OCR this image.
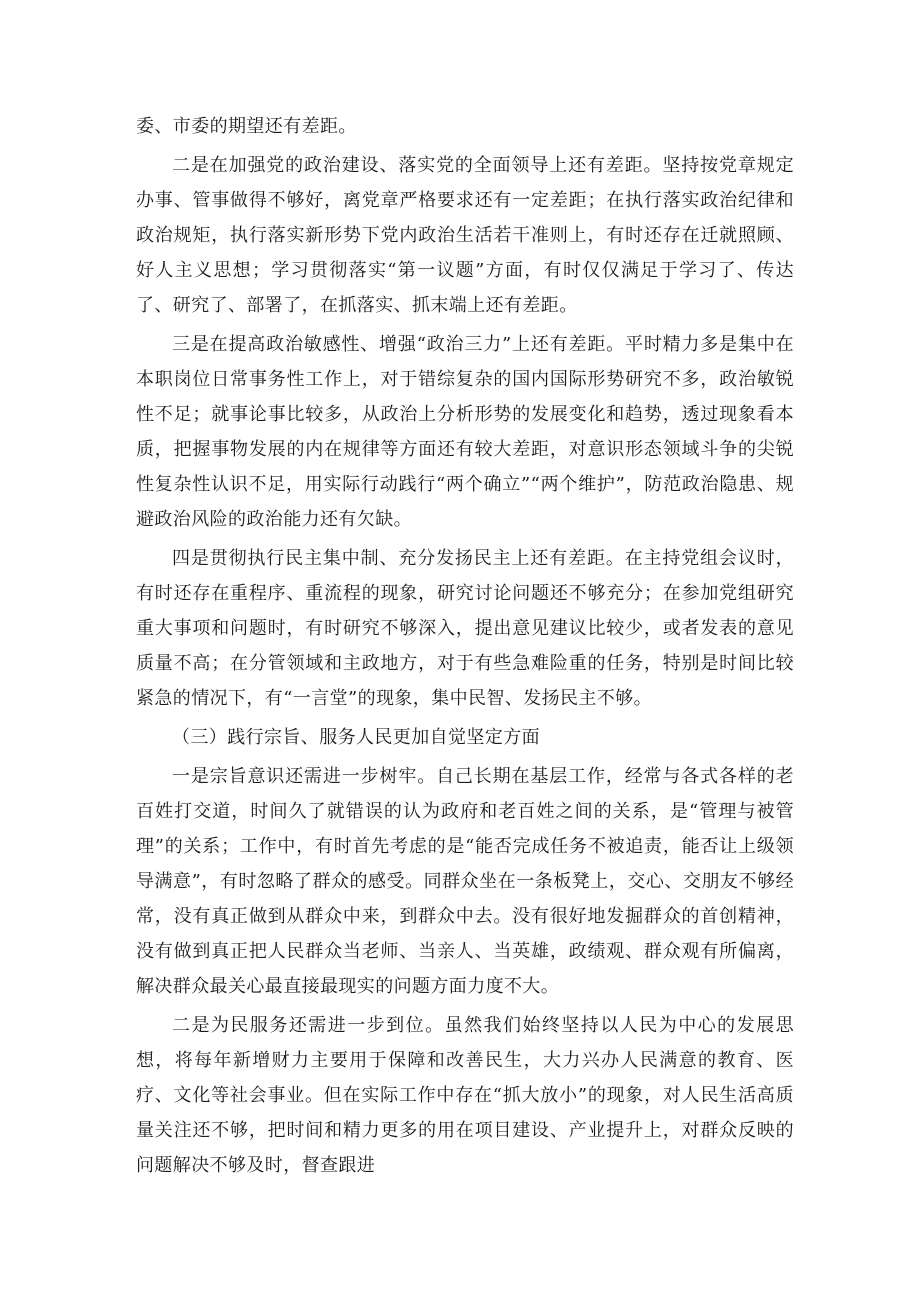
委、市委的期望还有差距。

二是在加强党的政治建设、落实党的全面领导上还有差距。坚持按党章规定办事、管事做得不够好，离党章严格要求还有一定差距；在执行落实政治纪律和政治规矩，执行落实新形势下党内政治生活若干准则上，有时还存在迁就照顾、好人主义思想；学习贯彻落实“第一议题”方面，有时仅仅满足于学习了、传达了、研究了、部署了，在抓落实、抓末端上还有差距。

三是在提高政治敏感性、增强“政治三力”上还有差距。平时精力多是集中在本职岗位日常事务性工作上，对于错综复杂的国内国际形势研究不多，政治敏锐性不足；就事论事比较多，从政治上分析形势的发展变化和趋势，透过现象看本质，把握事物发展的内在规律等方面还有较大差距，对意识形态领域斗争的尖锐性复杂性认识不足，用实际行动践行“两个确立”“两个维护”，防范政治隐患、规避政治风险的政治能力还有欠缺。

四是贯彻执行民主集中制、充分发扬民主上还有差距。在主持党组会议时，有时还存在重程序、重流程的现象，研究讨论问题还不够充分；在参加党组研究重大事项和问题时，有时研究不够深入，提出意见建议比较少，或者发表的意见质量不高；在分管领域和主政地方，对于有些急难险重的任务，特别是时间比较紧急的情况下，有“一言堂”的现象，集中民智、发扬民主不够。

（三）践行宗旨、服务人民更加自觉坚定方面

一是宗旨意识还需进一步树牢。自己长期在基层工作，经常与各式各样的老百姓打交道，时间久了就错误的认为政府和老百姓之间的关系，是“管理与被管理”的关系；工作中，有时首先考虑的是“能否完成任务不被追责，能否让上级领导满意”，有时忽略了群众的感受。同群众坐在一条板凳上，交心、交朋友不够经常，没有真正做到从群众中来，到群众中去。没有很好地发掘群众的首创精神，没有做到真正把人民群众当老师、当亲人、当英雄，政绩观、群众观有所偏离，解决群众最关心最直接最现实的问题方面力度不大。

二是为民服务还需进一步到位。虽然我们始终坚持以人民为中心的发展思想，将每年新增财力主要用于保障和改善民生，大力兴办人民满意的教育、医疗、文化等社会事业。但在实际工作中存在“抓大放小”的现象，对人民生活高质量关注还不够，把时间和精力更多的用在项目建设、产业提升上，对群众反映的问题解决不够及时，督查跟进
